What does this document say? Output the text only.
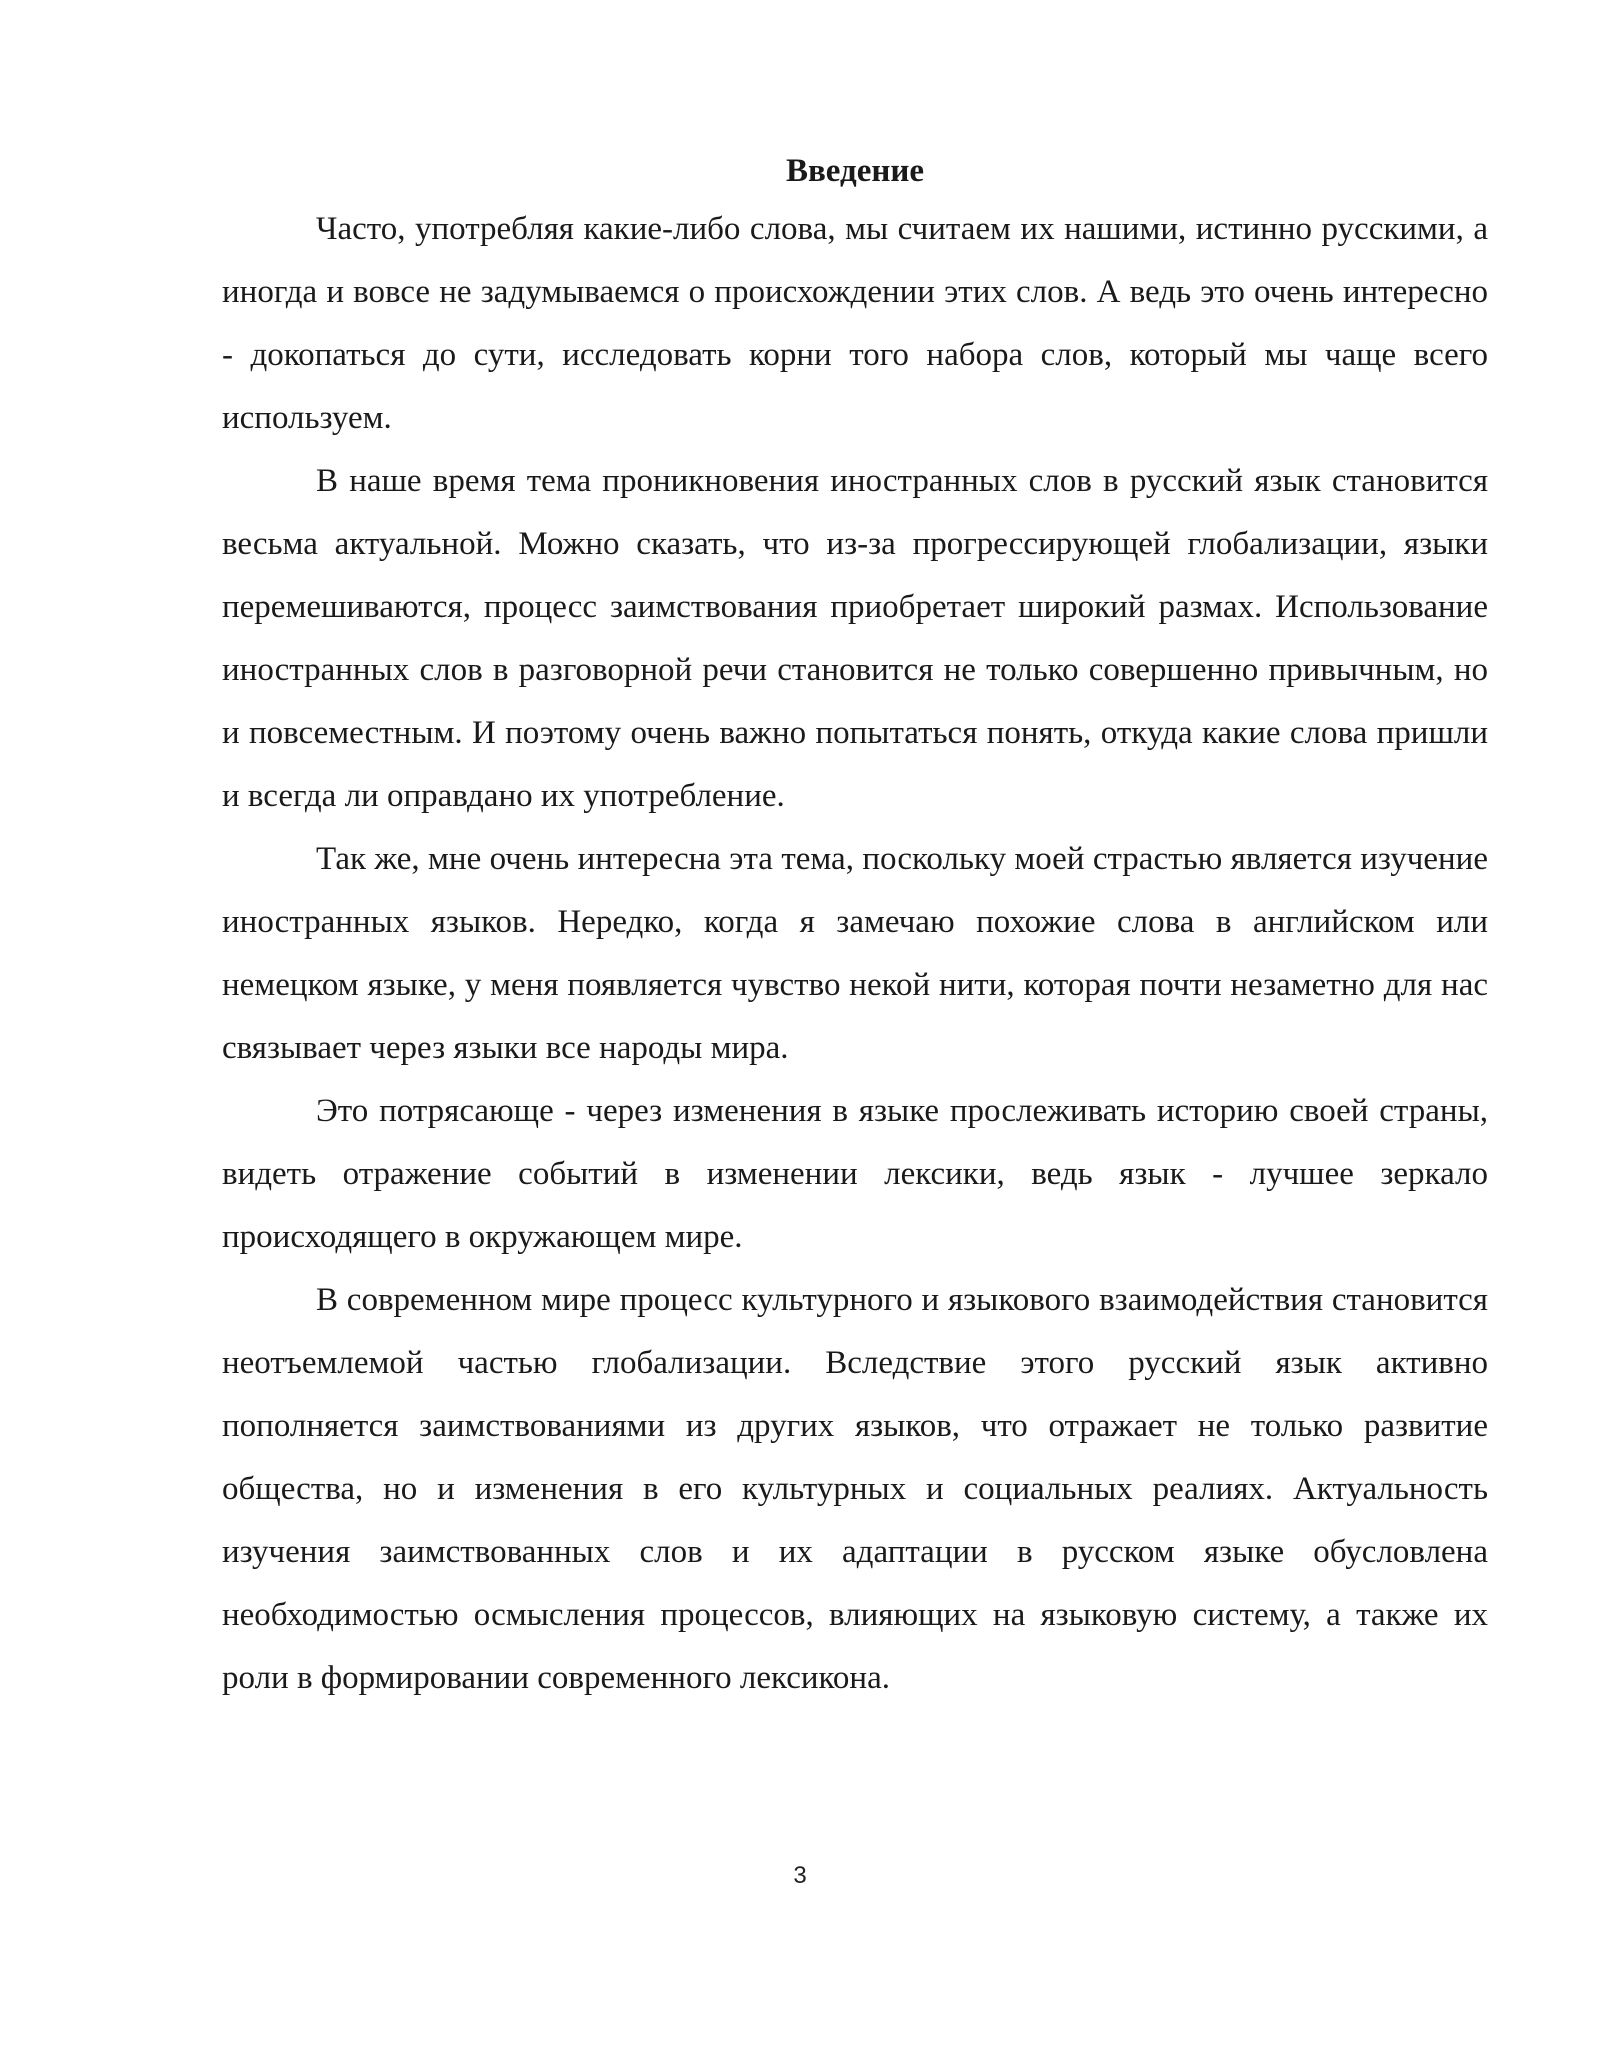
Введение

Часто, употребляя какие-либо слова, мы считаем их нашими, истинно русскими, а иногда и вовсе не задумываемся о происхождении этих слов. А ведь это очень интересно - докопаться до сути, исследовать корни того набора слов, который мы чаще всего используем.

В наше время тема проникновения иностранных слов в русский язык становится весьма актуальной. Можно сказать, что из-за прогрессирующей глобализации, языки перемешиваются, процесс заимствования приобретает широкий размах. Использование иностранных слов в разговорной речи становится не только совершенно привычным, но и повсеместным. И поэтому очень важно попытаться понять, откуда какие слова пришли и всегда ли оправдано их употребление.

Так же, мне очень интересна эта тема, поскольку моей страстью является изучение иностранных языков. Нередко, когда я замечаю похожие слова в английском или немецком языке, у меня появляется чувство некой нити, которая почти незаметно для нас связывает через языки все народы мира.

Это потрясающе - через изменения в языке прослеживать историю своей страны, видеть отражение событий в изменении лексики, ведь язык - лучшее зеркало происходящего в окружающем мире.

В современном мире процесс культурного и языкового взаимодействия становится неотъемлемой частью глобализации. Вследствие этого русский язык активно пополняется заимствованиями из других языков, что отражает не только развитие общества, но и изменения в его культурных и социальных реалиях. Актуальность изучения заимствованных слов и их адаптации в русском языке обусловлена необходимостью осмысления процессов, влияющих на языковую систему, а также их роли в формировании современного лексикона.

3
